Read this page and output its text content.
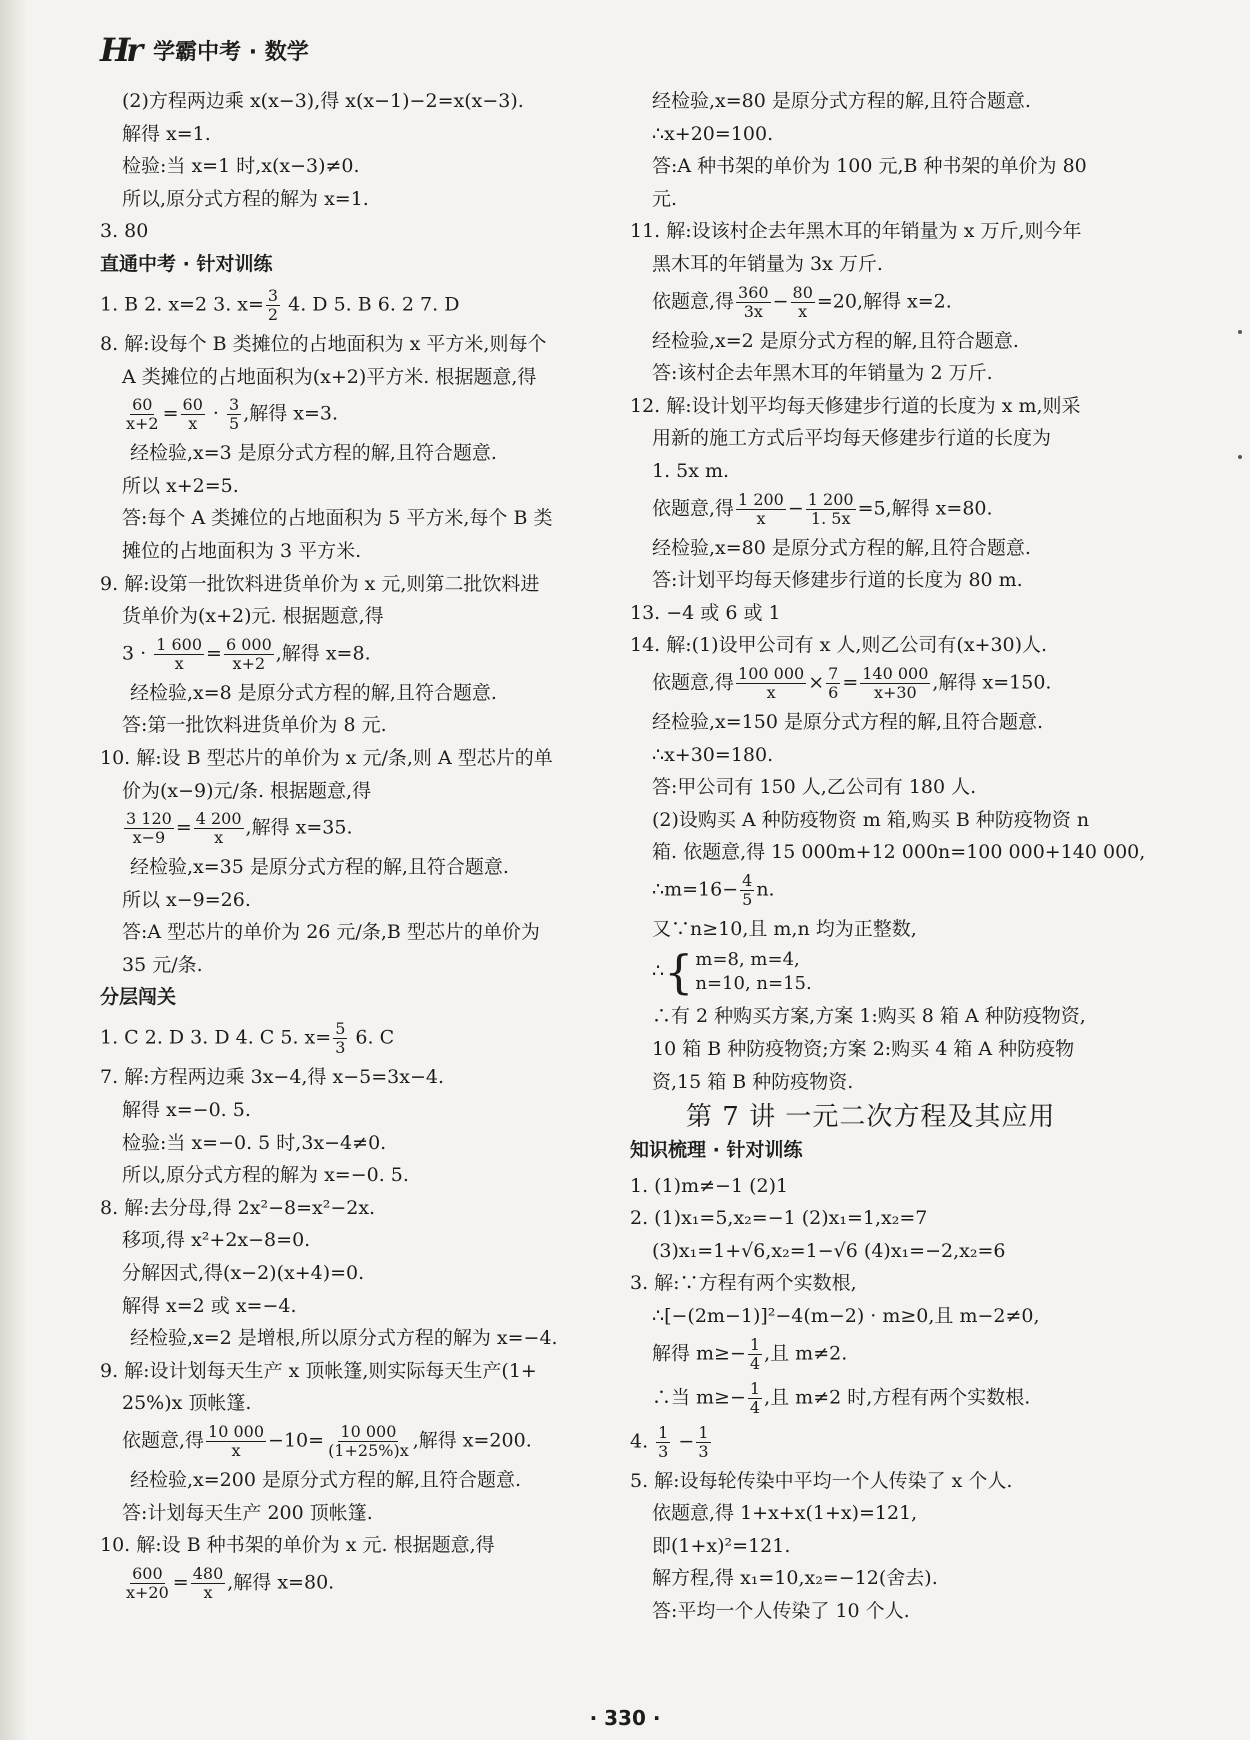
Hr 学霸中考 · 数学
(2)方程两边乘 x(x−3),得 x(x−1)−2=x(x−3).
解得 x=1.
检验:当 x=1 时,x(x−3)≠0.
所以,原分式方程的解为 x=1.
3. 80
直通中考 · 针对训练
1. B 2. x=2 3. $x= \frac{3}{2} 4$. D 5. B 6. 2 7. D
8. 解:设每个 B 类摊位的占地面积为 x 平方米,则每个
A 类摊位的占地面积为(x+2)平方米. 根据题意,得
$\frac{60}{x+2} = \frac{60}{x} \cdot \frac{3}{5}$ ,解得 x=3.
经检验,x=3 是原分式方程的解,且符合题意.
所以 x+2=5.
答:每个 A 类摊位的占地面积为 5 平方米,每个 B 类
摊位的占地面积为 3 平方米.
9. 解:设第一批饮料进货单价为 x 元,则第二批饮料进
货单价为(x+2)元. 根据题意,得
$3 \cdot \frac{1 600}{x} = \frac{6 000}{x+2}$ ,解得 x=8.
经检验,x=8 是原分式方程的解,且符合题意.
答:第一批饮料进货单价为 8 元.
10. 解:设 B 型芯片的单价为 x 元/条,则 A 型芯片的单
价为(x−9)元/条. 根据题意,得
$\frac{3 120}{x-9} = \frac{4 200}{x}$ ,解得 x=35.
经检验,x=35 是原分式方程的解,且符合题意.
所以 x−9=26.
答:A 型芯片的单价为 26 元/条,B 型芯片的单价为
35 元/条.
分层闯关
1. C 2. D 3. D 4. C 5. $x= \frac{5}{3} 6$. C
7. 解:方程两边乘 3x−4,得 x−5=3x−4.
解得 x=−0. 5.
检验:当 x=−0. 5 时,3x−4≠0.
所以,原分式方程的解为 x=−0. 5.
8. 解:去分母,得 2x²−8=x²−2x.
移项,得 x²+2x−8=0.
分解因式,得(x−2)(x+4)=0.
解得 x=2 或 x=−4.
经检验,x=2 是增根,所以原分式方程的解为 x=−4.
9. 解:设计划每天生产 x 顶帐篷,则实际每天生产(1+
25%)x 顶帐篷.
依题意,得 $\frac{10 000}{x} -10= \frac{10 000}{(1+25\%)x}$ ,解得 x=200.
经检验,x=200 是原分式方程的解,且符合题意.
答:计划每天生产 200 顶帐篷.
10. 解:设 B 种书架的单价为 x 元. 根据题意,得
$\frac{600}{x+20} = \frac{480}{x}$ ,解得 x=80.
经检验,x=80 是原分式方程的解,且符合题意.
∴x+20=100.
答:A 种书架的单价为 100 元,B 种书架的单价为 80
元.
11. 解:设该村企去年黑木耳的年销量为 x 万斤,则今年
黑木耳的年销量为 3x 万斤.
依题意,得 $\frac{360}{3x} - \frac{80}{x} =20$,解得 x=2.
经检验,x=2 是原分式方程的解,且符合题意.
答:该村企去年黑木耳的年销量为 2 万斤.
12. 解:设计划平均每天修建步行道的长度为 x m,则采
用新的施工方式后平均每天修建步行道的长度为
1. 5x m.
依题意,得 $\frac{1 200}{x} - \frac{1 200}{1. 5x} =5$,解得 x=80.
经检验,x=80 是原分式方程的解,且符合题意.
答:计划平均每天修建步行道的长度为 80 m.
13. −4 或 6 或 1
14. 解:(1)设甲公司有 x 人,则乙公司有(x+30)人.
依题意,得 $\frac{100 000}{x} \times \frac{7}{6} = \frac{140 000}{x+30}$ ,解得 x=150.
经检验,x=150 是原分式方程的解,且符合题意.
∴x+30=180.
答:甲公司有 150 人,乙公司有 180 人.
(2)设购买 A 种防疫物资 m 箱,购买 B 种防疫物资 n
箱. 依题意,得 15 000m+12 000n=100 000+140 000,
∴m=16− $\frac{4}{5} n$.
又∵n≥10,且 m,n 均为正整数,
∴ { m=8, m=4,
n=10, n=15.
∴有 2 种购买方案,方案 1:购买 8 箱 A 种防疫物资,
10 箱 B 种防疫物资;方案 2:购买 4 箱 A 种防疫物
资,15 箱 B 种防疫物资.
第 7 讲 一元二次方程及其应用
知识梳理 · 针对训练
1. (1)m≠−1 (2)1
2. (1)x₁=5,x₂=−1 (2)x₁=1,x₂=7
(3)x₁=1+√6,x₂=1−√6 (4)x₁=−2,x₂=6
3. 解:∵方程有两个实数根,
∴[−(2m−1)]²−4(m−2) · m≥0,且 m−2≠0,
解得 $m\ge- \frac{1}{4}$ ,且 m≠2.
∴当 $m\ge- \frac{1}{4}$ ,且 m≠2 时,方程有两个实数根.
4. $\frac{1}{3} - \frac{1}{3}$
5. 解:设每轮传染中平均一个人传染了 x 个人.
依题意,得 1+x+x(1+x)=121,
即(1+x)²=121.
解方程,得 x₁=10,x₂=−12(舍去).
答:平均一个人传染了 10 个人.
· 330 ·
